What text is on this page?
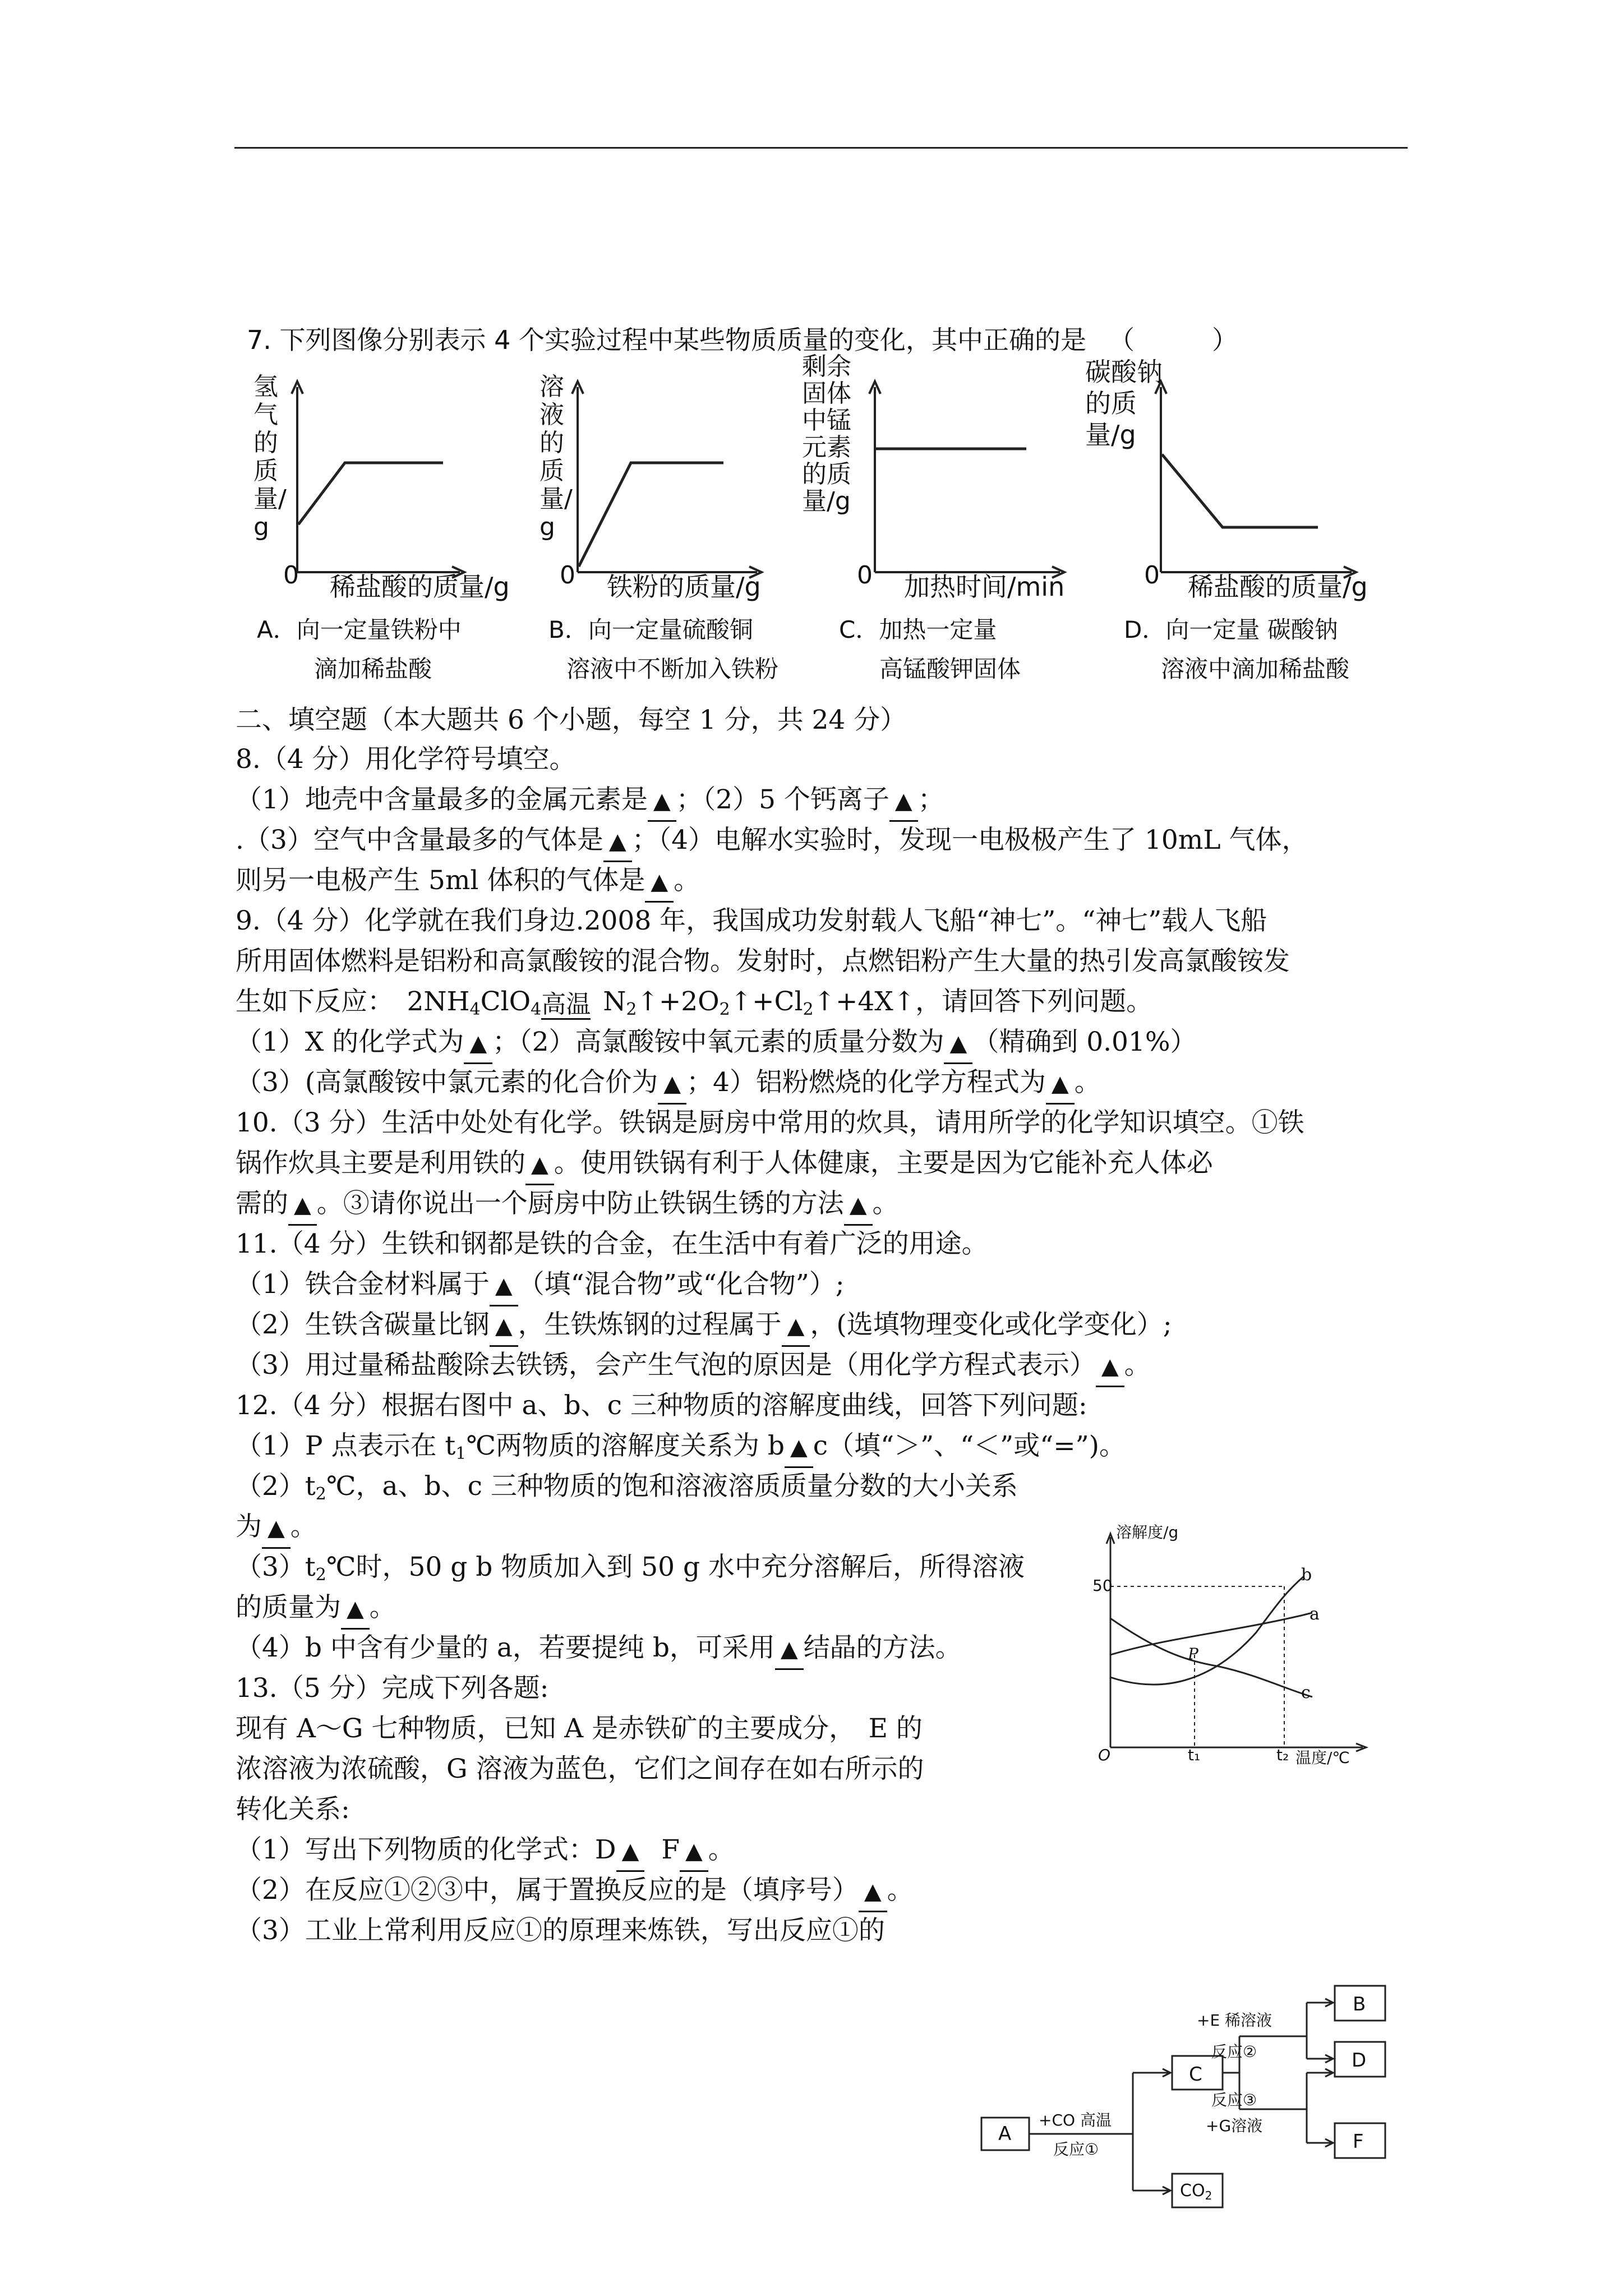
7. 下列图像分别表示 4 个实验过程中某些物质质量的变化，其中正确的是 （　　　）
氢气的质量/g
0 稀盐酸的质量/g
A．向一定量铁粉中
滴加稀盐酸
溶液的质量/g
0 铁粉的质量/g
B．向一定量硫酸铜
溶液中不断加入铁粉
剩余固体中锰元素的质量/g
0 加热时间/min
C．加热一定量
高锰酸钾固体
碳酸钠的质量/g
0 稀盐酸的质量/g
D．向一定量 碳酸钠
溶液中滴加稀盐酸
二、填空题（本大题共 6 个小题，每空 1 分，共 24 分）
8.（4 分）用化学符号填空。
（1）地壳中含量最多的金属元素是 ▲ ；（2）5 个钙离子 ▲ ；
.（3）空气中含量最多的气体是 ▲ ；（4）电解水实验时，发现一电极极产生了 10mL 气体，
则另一电极产生 5ml 体积的气体是 ▲ 。
9.（4 分）化学就在我们身边.2008 年，我国成功发射载人飞船“神七”。“神七”载人飞船
所用固体燃料是铝粉和高氯酸铵的混合物。发射时，点燃铝粉产生大量的热引发高氯酸铵发
生如下反应：　$2NH_4ClO_4$ 高温 $N_2↑+2O_2↑+Cl_2↑+4X↑$，请回答下列问题。
（1）X 的化学式为 ▲ ；（2）高氯酸铵中氧元素的质量分数为 ▲ （精确到 0.01%）
（3）(高氯酸铵中氯元素的化合价为 ▲ ；4）铝粉燃烧的化学方程式为 ▲ 。
10.（3 分）生活中处处有化学。铁锅是厨房中常用的炊具，请用所学的化学知识填空。①铁
锅作炊具主要是利用铁的 ▲ 。使用铁锅有利于人体健康，主要是因为它能补充人体必
需的 ▲ 。③请你说出一个厨房中防止铁锅生锈的方法 ▲ 。
11.（4 分）生铁和钢都是铁的合金，在生活中有着广泛的用途。
（1）铁合金材料属于 ▲ （填“混合物”或“化合物”）;
（2）生铁含碳量比钢 ▲ ，生铁炼钢的过程属于 ▲ ，(选填物理变化或化学变化）;
（3）用过量稀盐酸除去铁锈，会产生气泡的原因是（用化学方程式表示） ▲ 。
12.（4 分）根据右图中 a、b、c 三种物质的溶解度曲线，回答下列问题:
（1）P 点表示在 $t_1℃$两物质的溶解度关系为 b ▲ c（填“＞”、“＜”或“=”)。
$(2)t_2℃$，a、b、c 三种物质的饱和溶液溶质质量分数的大小关系
为 ▲ 。
$(3)t_2℃$时，50 g b 物质加入到 50 g 水中充分溶解后，所得溶液
的质量为 ▲ 。
（4）b 中含有少量的 a，若要提纯 b，可采用 ▲ 结晶的方法。
溶解度/g
50
O	t₁	t₂ 温度/℃
a
b
c
P
13.（5 分）完成下列各题:
现有 A～G 七种物质，已知 A 是赤铁矿的主要成分，　E 的
浓溶液为浓硫酸，G 溶液为蓝色，它们之间存在如右所示的
转化关系:
（1）写出下列物质的化学式：D ▲ F ▲ 。
（2）在反应①②③中，属于置换反应的是（填序号） ▲ 。
（3）工业上常利用反应①的原理来炼铁，写出反应①的
A
C
$CO_2$
B
D
F
+CO 高温
反应①
+E 稀溶液
反应②
反应③
+G溶液
